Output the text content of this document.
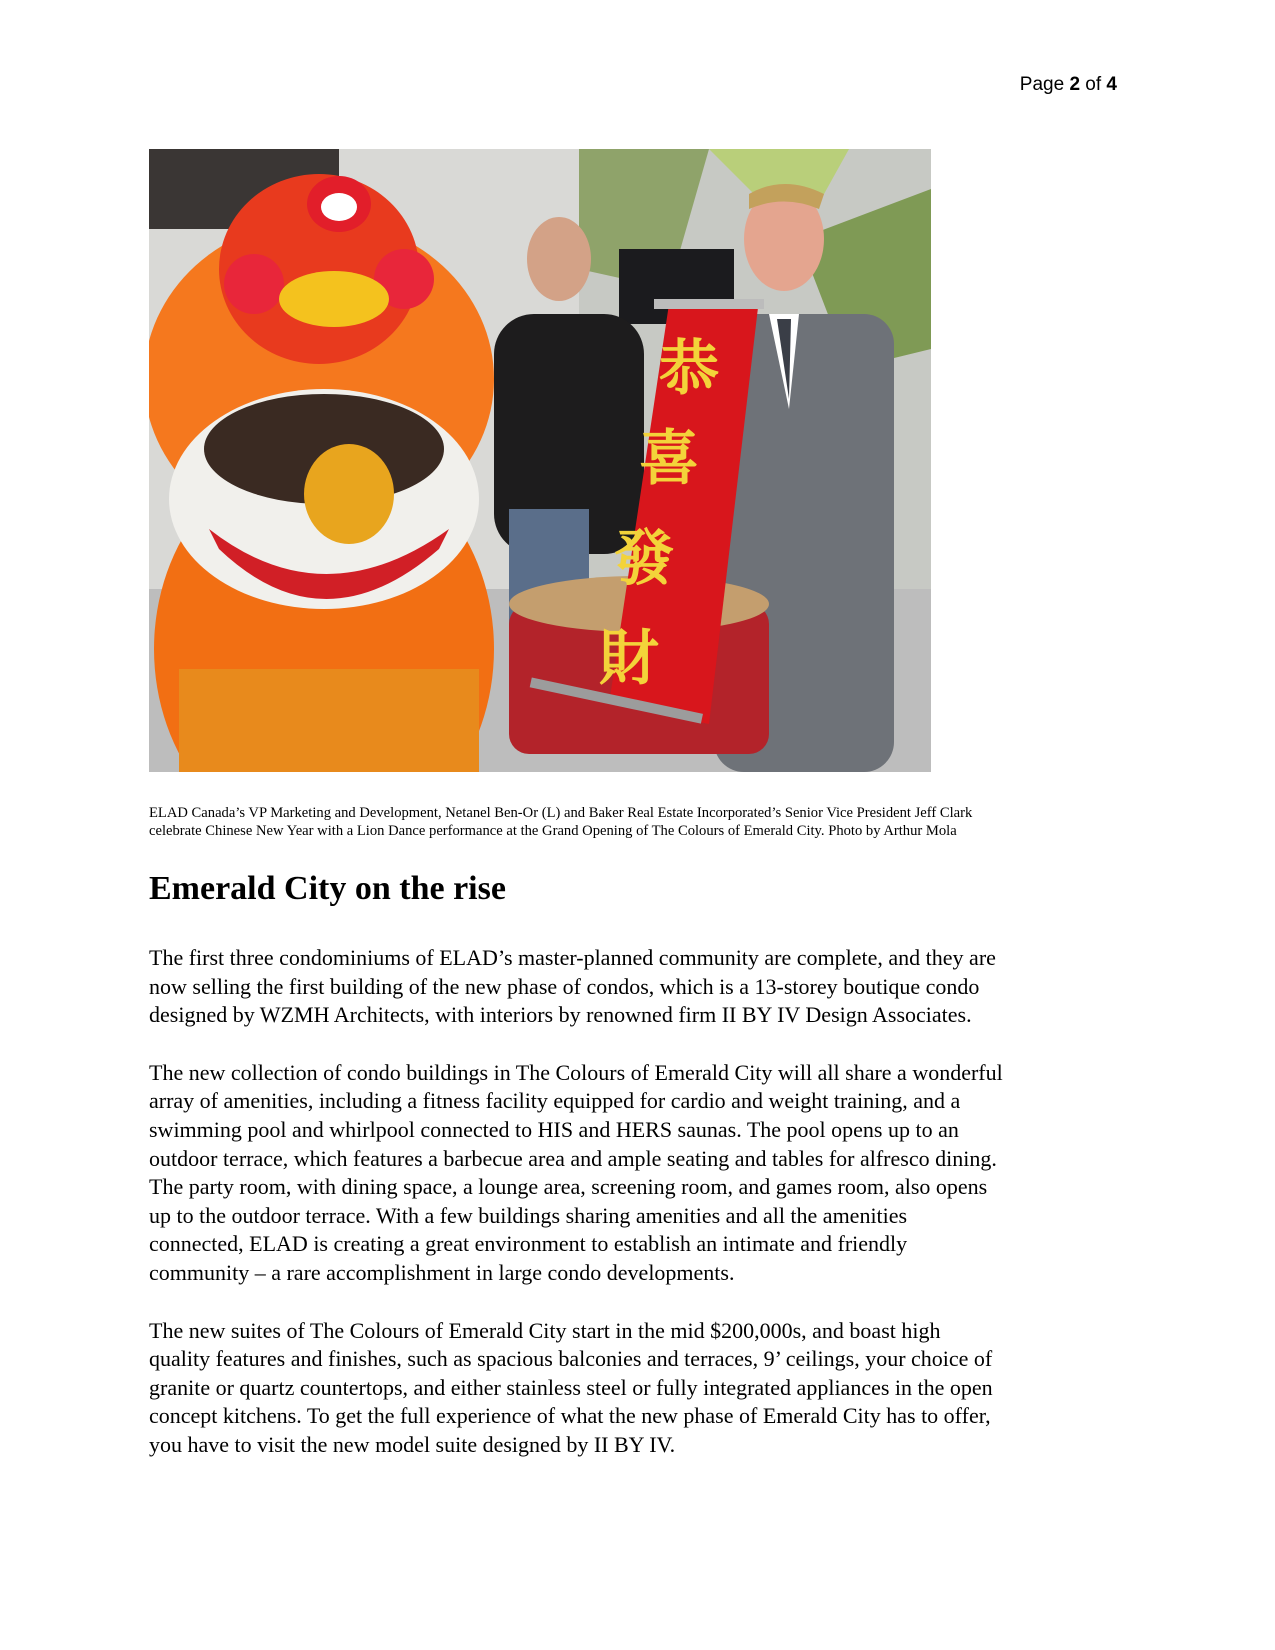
Page 2 of 4
恭
喜
發
財
ELAD Canada’s VP Marketing and Development, Netanel Ben-Or (L) and Baker Real Estate Incorporated’s Senior Vice President Jeff Clark
celebrate Chinese New Year with a Lion Dance performance at the Grand Opening of The Colours of Emerald City. Photo by Arthur Mola
Emerald City on the rise

The first three condominiums of ELAD’s master-planned community are complete, and they are
now selling the first building of the new phase of condos, which is a 13-storey boutique condo
designed by WZMH Architects, with interiors by renowned firm II BY IV Design Associates.

The new collection of condo buildings in The Colours of Emerald City will all share a wonderful
array of amenities, including a fitness facility equipped for cardio and weight training, and a
swimming pool and whirlpool connected to HIS and HERS saunas. The pool opens up to an
outdoor terrace, which features a barbecue area and ample seating and tables for alfresco dining.
The party room, with dining space, a lounge area, screening room, and games room, also opens
up to the outdoor terrace. With a few buildings sharing amenities and all the amenities
connected, ELAD is creating a great environment to establish an intimate and friendly
community – a rare accomplishment in large condo developments.

The new suites of The Colours of Emerald City start in the mid $200,000s, and boast high
quality features and finishes, such as spacious balconies and terraces, 9’ ceilings, your choice of
granite or quartz countertops, and either stainless steel or fully integrated appliances in the open
concept kitchens. To get the full experience of what the new phase of Emerald City has to offer,
you have to visit the new model suite designed by II BY IV.
